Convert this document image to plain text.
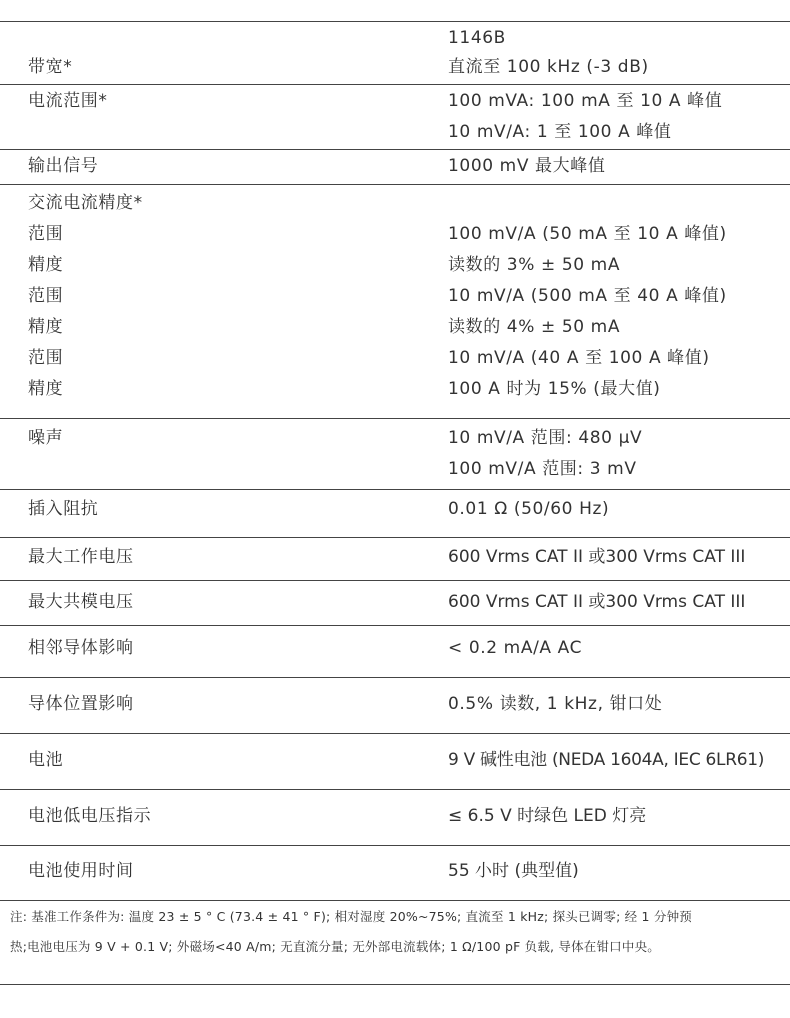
1146B
带宽*	直流至 100 kHz (-3 dB)
电流范围*	100 mVA: 100 mA 至 10 A 峰值
10 mV/A: 1 至 100 A 峰值
输出信号	1000 mV 最大峰值
交流电流精度*
范围	100 mV/A (50 mA 至 10 A 峰值)
精度	读数的 3% ± 50 mA
范围	10 mV/A (500 mA 至 40 A 峰值)
精度	读数的 4% ± 50 mA
范围	10 mV/A (40 A 至 100 A 峰值)
精度	100 A 时为 15% (最大值)
噪声	10 mV/A 范围: 480 μV
100 mV/A 范围: 3 mV
插入阻抗	0.01 Ω (50/60 Hz)
最大工作电压	600 Vrms CAT II 或300 Vrms CAT III
最大共模电压	600 Vrms CAT II 或300 Vrms CAT III
相邻导体影响	< 0.2 mA/A AC
导体位置影响	0.5% 读数, 1 kHz, 钳口处
电池	9 V 碱性电池 (NEDA 1604A, IEC 6LR61)
电池低电压指示	≤ 6.5 V 时绿色 LED 灯亮
电池使用时间	55 小时 (典型值)
注: 基准工作条件为: 温度 23 ± 5 ° C (73.4 ± 41 ° F); 相对湿度 20%~75%; 直流至 1 kHz; 探头已调零; 经 1 分钟预
热;电池电压为 9 V + 0.1 V; 外磁场<40 A/m; 无直流分量; 无外部电流载体; 1 Ω/100 pF 负载, 导体在钳口中央。
